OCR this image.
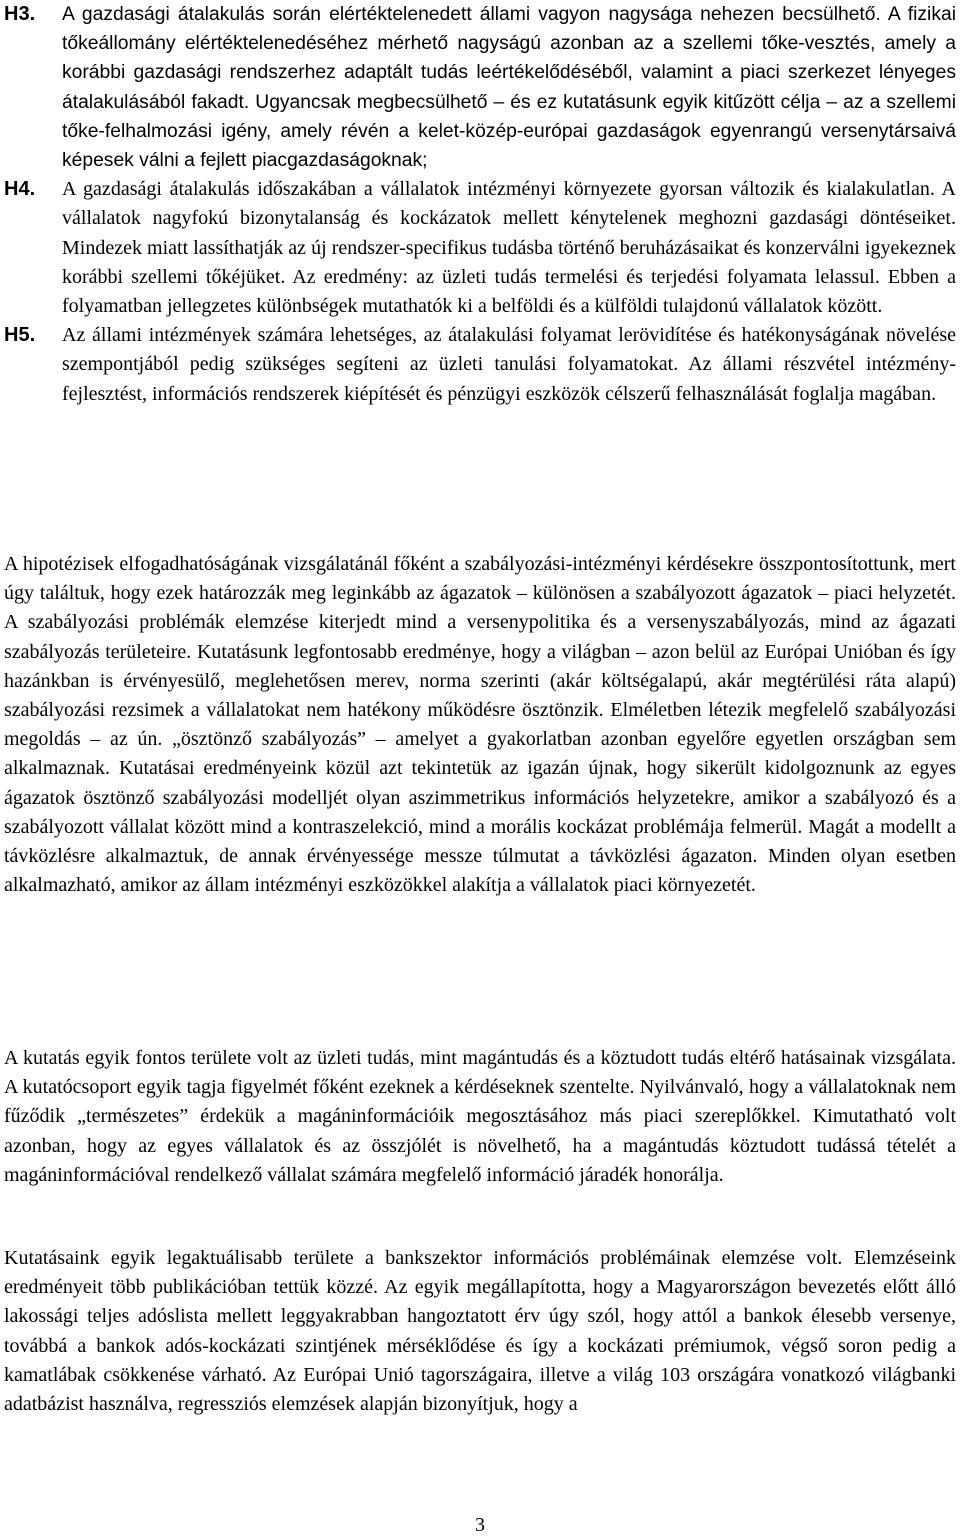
H3.	A gazdasági átalakulás során elértéktelenedett állami vagyon nagysága nehezen becsülhető. A fizikai tőkeállomány elértéktelenedéséhez mérhető nagyságú azonban az a szellemi tőke-vesztés, amely a korábbi gazdasági rendszerhez adaptált tudás leértékelődéséből, valamint a piaci szerkezet lényeges átalakulásából fakadt. Ugyancsak megbecsülhető – és ez kutatásunk egyik kitűzött célja – az a szellemi tőke-felhalmozási igény, amely révén a kelet-közép-európai gazdaságok egyenrangú versenytársaivá képesek válni a fejlett piacgazdaságoknak;
H4.	A gazdasági átalakulás időszakában a vállalatok intézményi környezete gyorsan változik és kialakulatlan. A vállalatok nagyfokú bizonytalanság és kockázatok mellett kénytelenek meghozni gazdasági döntéseiket. Mindezek miatt lassíthatják az új rendszer-specifikus tudásba történő beruházásaikat és konzerválni igyekeznek korábbi szellemi tőkéjüket. Az eredmény: az üzleti tudás termelési és terjedési folyamata lelassul. Ebben a folyamatban jellegzetes különbségek mutathatók ki a belföldi és a külföldi tulajdonú vállalatok között.
H5.	Az állami intézmények számára lehetséges, az átalakulási folyamat lerövidítése és hatékonyságának növelése szempontjából pedig szükséges segíteni az üzleti tanulási folyamatokat. Az állami részvétel intézmény-fejlesztést, információs rendszerek kiépítését és pénzügyi eszközök célszerű felhasználását foglalja magában.

A hipotézisek elfogadhatóságának vizsgálatánál főként a szabályozási-intézményi kérdésekre összpontosítottunk, mert úgy találtuk, hogy ezek határozzák meg leginkább az ágazatok – különösen a szabályozott ágazatok – piaci helyzetét. A szabályozási problémák elemzése kiterjedt mind a versenypolitika és a versenyszabályozás, mind az ágazati szabályozás területeire. Kutatásunk legfontosabb eredménye, hogy a világban – azon belül az Európai Unióban és így hazánkban is érvényesülő, meglehetősen merev, norma szerinti (akár költségalapú, akár megtérülési ráta alapú) szabályozási rezsimek a vállalatokat nem hatékony működésre ösztönzik. Elméletben létezik megfelelő szabályozási megoldás – az ún. „ösztönző szabályozás” – amelyet a gyakorlatban azonban egyelőre egyetlen országban sem alkalmaznak. Kutatásai eredményeink közül azt tekintetük az igazán újnak, hogy sikerült kidolgoznunk az egyes ágazatok ösztönző szabályozási modelljét olyan aszimmetrikus információs helyzetekre, amikor a szabályozó és a szabályozott vállalat között mind a kontraszelekció, mind a morális kockázat problémája felmerül. Magát a modellt a távközlésre alkalmaztuk, de annak érvényessége messze túlmutat a távközlési ágazaton. Minden olyan esetben alkalmazható, amikor az állam intézményi eszközökkel alakítja a vállalatok piaci környezetét.

A kutatás egyik fontos területe volt az üzleti tudás, mint magántudás és a köztudott tudás eltérő hatásainak vizsgálata. A kutatócsoport egyik tagja figyelmét főként ezeknek a kérdéseknek szentelte. Nyilvánvaló, hogy a vállalatoknak nem fűződik „természetes” érdekük a magáninformációik megosztásához más piaci szereplőkkel. Kimutatható volt azonban, hogy az egyes vállalatok és az összjólét is növelhető, ha a magántudás köztudott tudássá tételét a magáninformációval rendelkező vállalat számára megfelelő információ járadék honorálja.

Kutatásaink egyik legaktuálisabb területe a bankszektor információs problémáinak elemzése volt. Elemzéseink eredményeit több publikációban tettük közzé. Az egyik megállapította, hogy a Magyarországon bevezetés előtt álló lakossági teljes adóslista mellett leggyakrabban hangoztatott érv úgy szól, hogy attól a bankok élesebb versenye, továbbá a bankok adós-kockázati szintjének mérséklődése és így a kockázati prémiumok, végső soron pedig a kamatlábak csökkenése várható. Az Európai Unió tagországaira, illetve a világ 103 országára vonatkozó világbanki adatbázist használva, regressziós elemzések alapján bizonyítjuk, hogy a

3
